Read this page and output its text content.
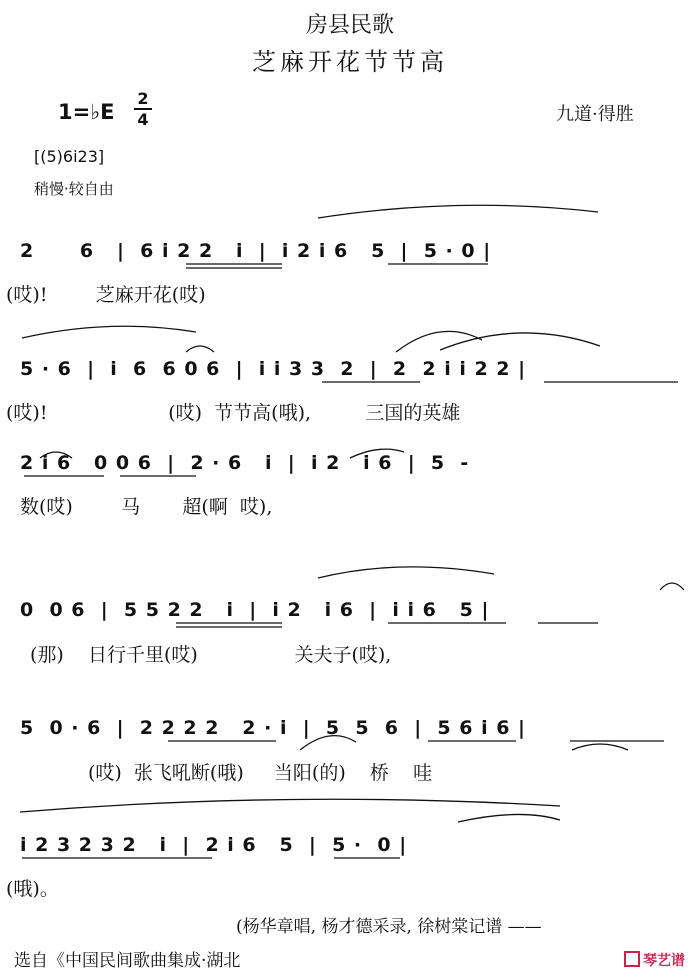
房县民歌
芝麻开花节节高
1=♭E
2
4	九道·得胜
[(5)6i23]
稍慢·较自由
2      6   |  6 i 2 2   i  |  i 2 i 6   5  |  5 · 0 |
(哎)!        芝麻开花(哎)
5 · 6  |  i  6  6 0 6  |  i i 3 3  2  |  2  2 i i 2 2 |
(哎)!                    (哎)  节节高(哦),         三国的英雄
2 i 6   0 0 6  |  2 · 6   i  |  i 2   i 6  |  5  -
数(哎)        马       超(啊  哎),
0  0 6  |  5 5 2 2   i  |  i 2   i 6  |  i i 6   5 |
(那)    日行千里(哎)                关夫子(哎),
5  0 · 6  |  2 2 2 2   2 · i  |  5  5  6  |  5 6 i 6 |
(哎)  张飞吼断(哦)     当阳(的)    桥    哇
i 2 3 2 3 2   i  |  2 i 6   5  |  5 ·  0 |
(哦)。
(杨华章唱, 杨才德采录, 徐树棠记谱 ——
选自《中国民间歌曲集成·湖北	琴艺谱
